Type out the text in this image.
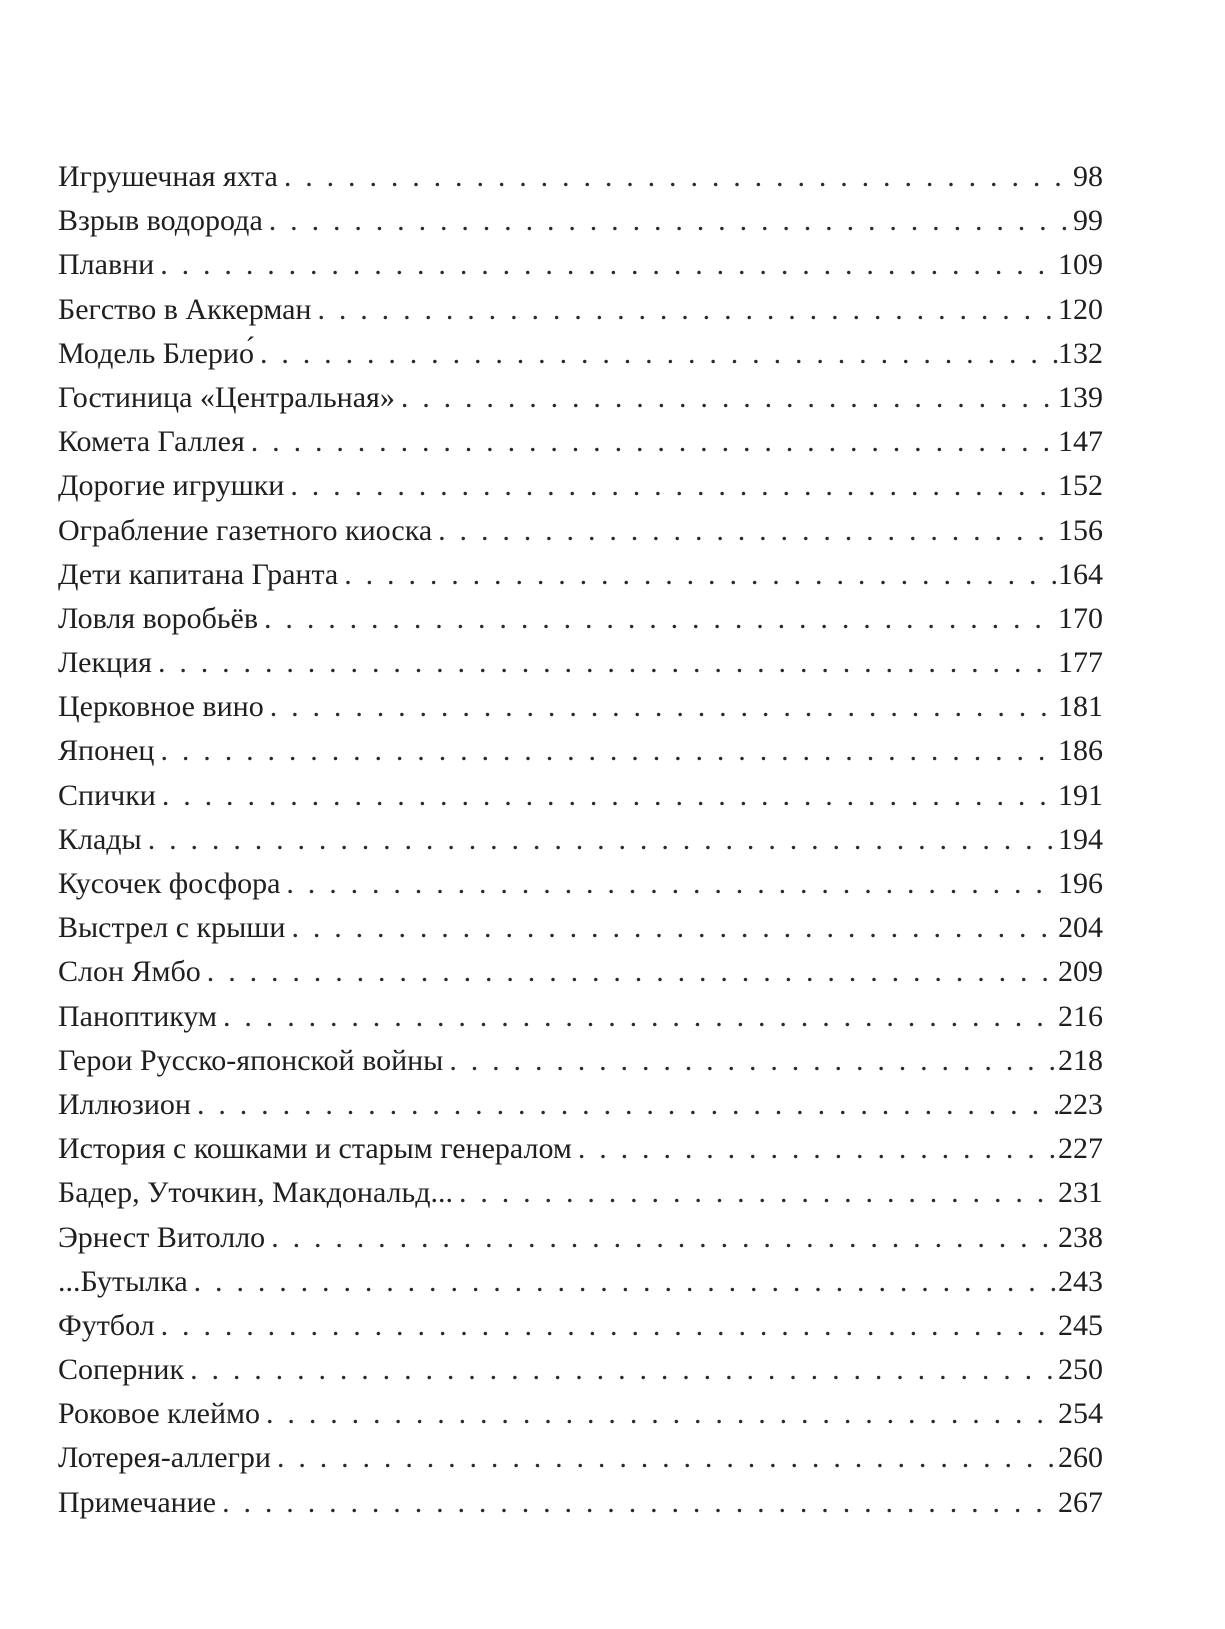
Игрушечная яхта . . .	98
Взрыв водорода . . .	99
Плавни . . .	109
Бегство в Аккерман . . .	120
Модель Блерио́ . . .	132
Гостиница «Центральная» . . .	139
Комета Галлея . . .	147
Дорогие игрушки . . .	152
Ограбление газетного киоска . . .	156
Дети капитана Гранта . . .	164
Ловля воробьёв . . .	170
Лекция . . .	177
Церковное вино . . .	181
Японец . . .	186
Спички . . .	191
Клады . . .	194
Кусочек фосфора . . .	196
Выстрел с крыши . . .	204
Слон Ямбо . . .	209
Паноптикум . . .	216
Герои Русско-японской войны . . .	218
Иллюзион . . .	223
История с кошками и старым генералом . . .	227
Бадер, Уточкин, Макдональд... . . .	231
Эрнест Витолло . . .	238
...Бутылка . . .	243
Футбол . . .	245
Соперник . . .	250
Роковое клеймо . . .	254
Лотерея-аллегри . . .	260
Примечание . . .	267
